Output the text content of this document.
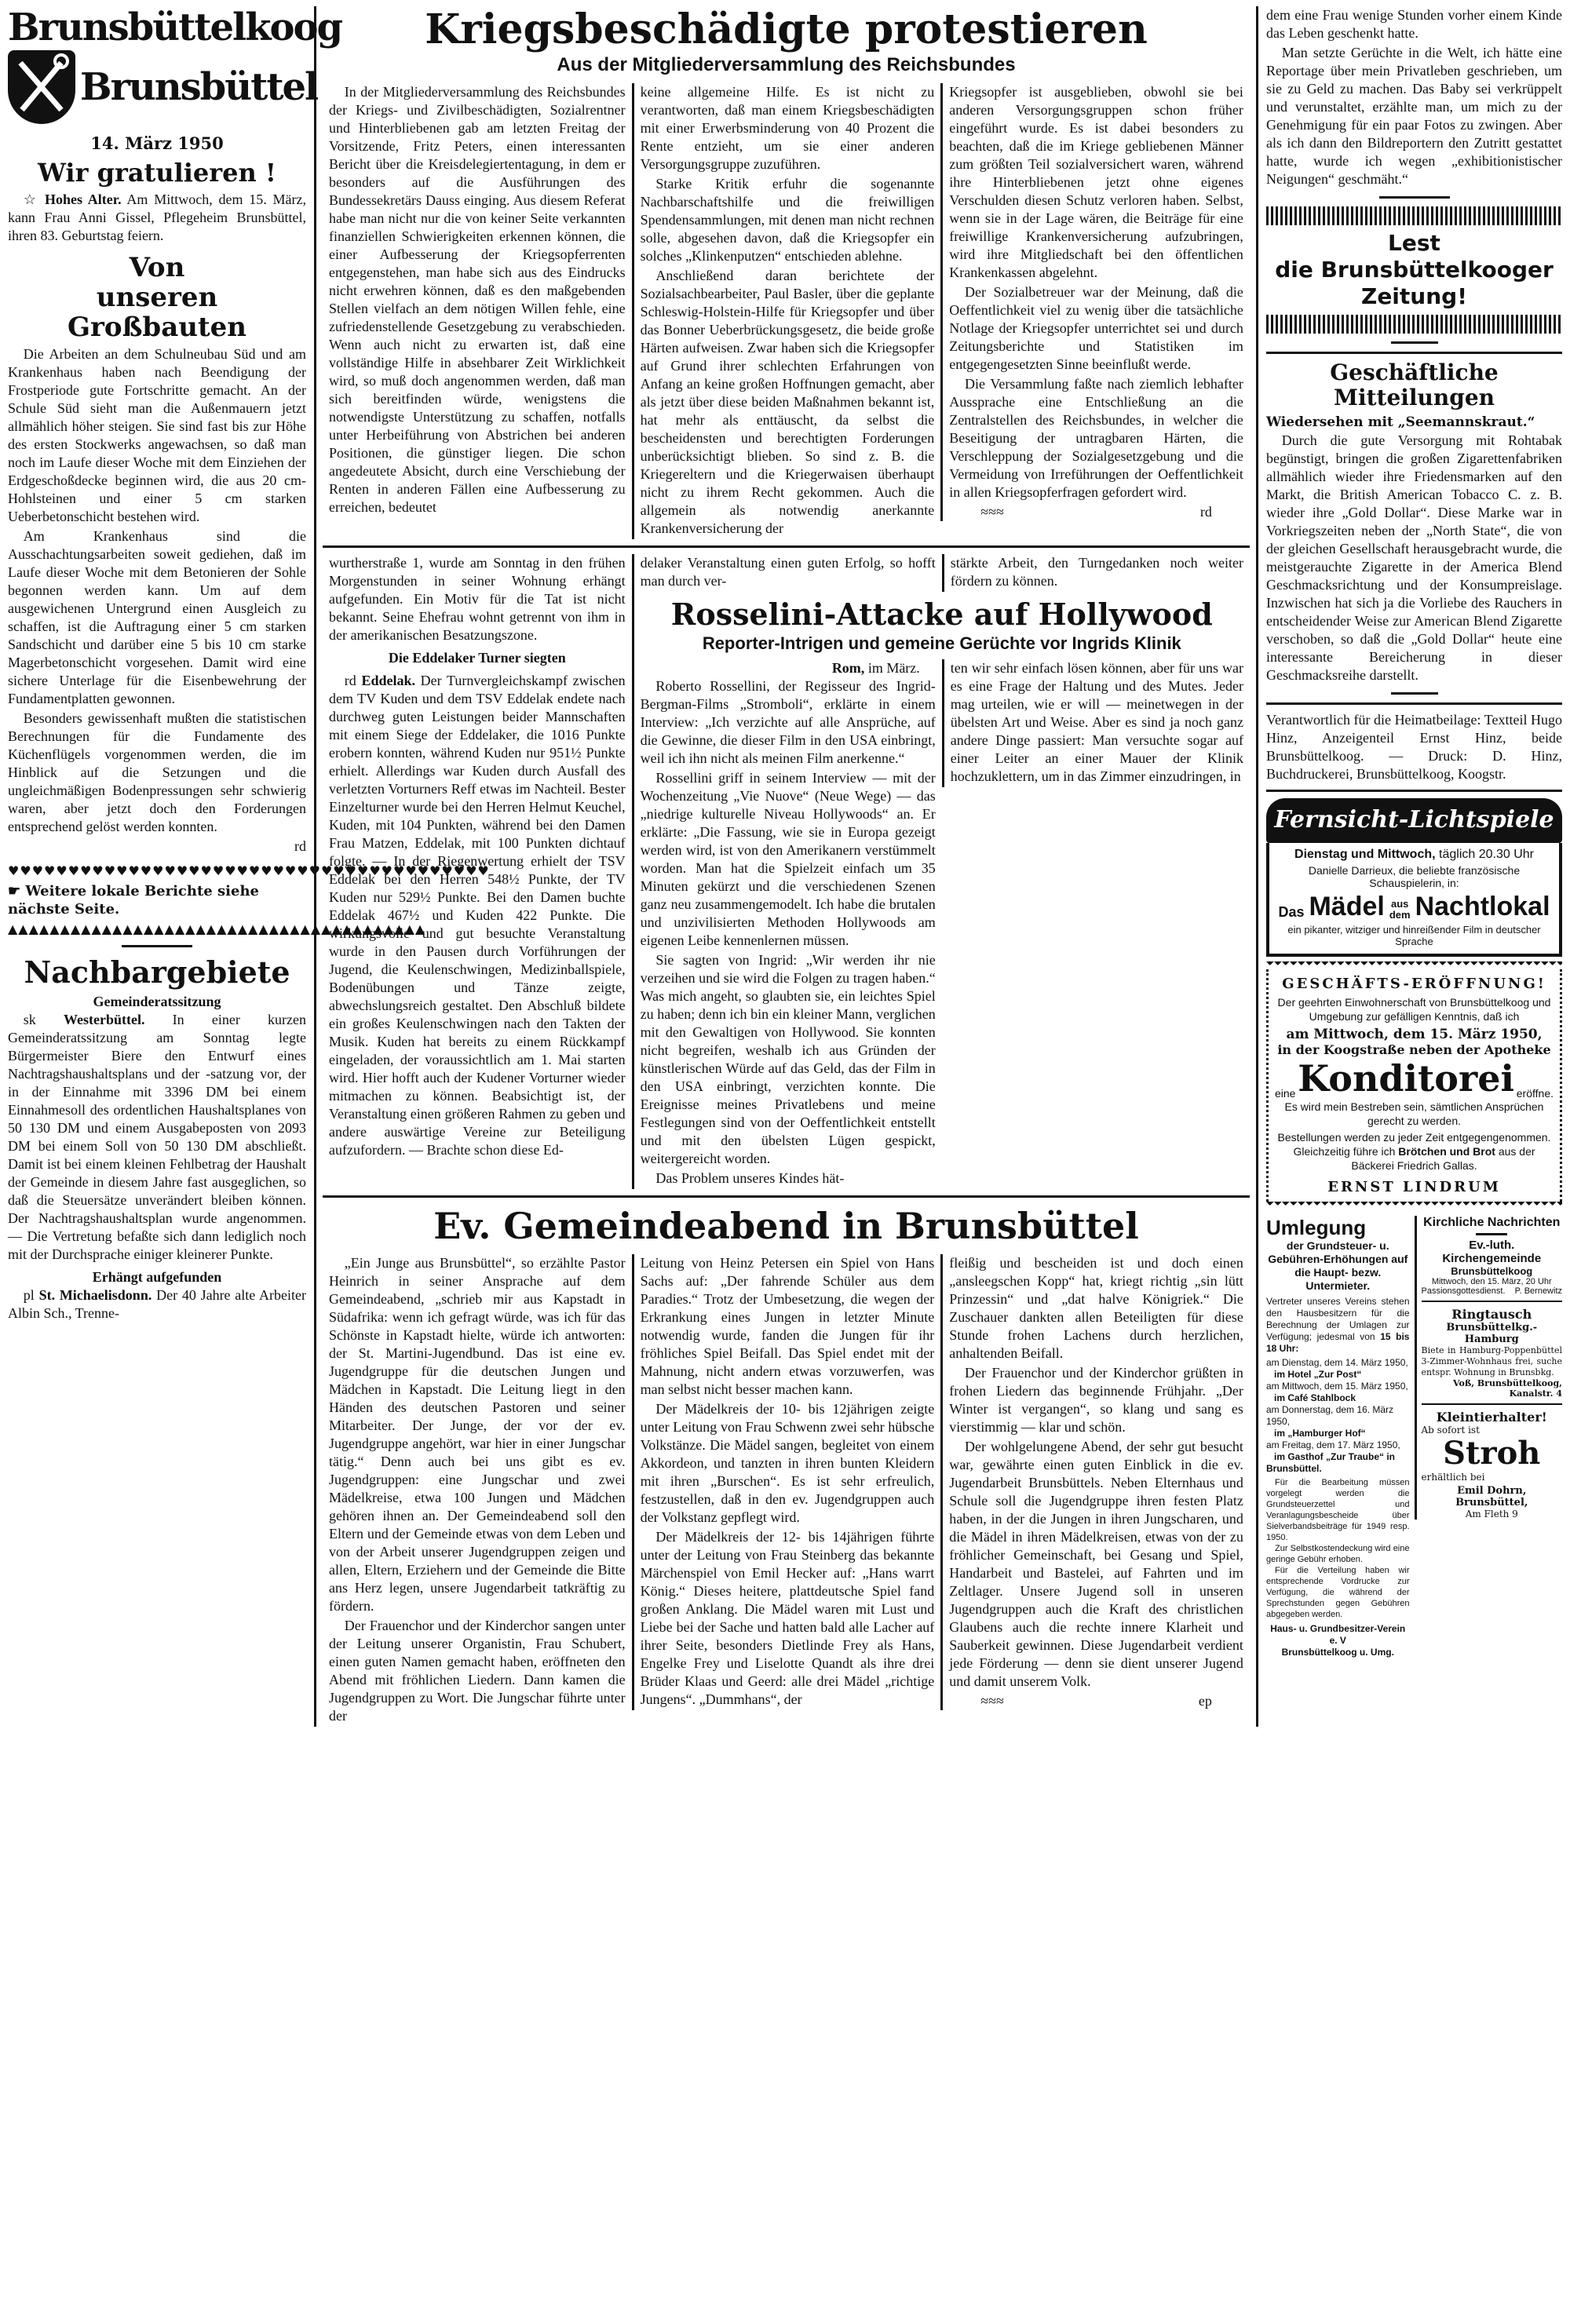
Brunsbüttelkoog
Brunsbüttel
14. März 1950
Wir gratulieren !

☆ Hohes Alter. Am Mittwoch, dem 15. März, kann Frau Anni Gissel, Pflegeheim Brunsbüttel, ihren 83. Geburtstag feiern.

Von
unseren Großbauten

Die Arbeiten an dem Schulneubau Süd und am Krankenhaus haben nach Beendigung der Frostperiode gute Fortschritte gemacht. An der Schule Süd sieht man die Außenmauern jetzt allmählich höher steigen. Sie sind fast bis zur Höhe des ersten Stockwerks angewachsen, so daß man noch im Laufe dieser Woche mit dem Einziehen der Erdgeschoßdecke beginnen wird, die aus 20 cm-Hohlsteinen und einer 5 cm starken Ueberbetonschicht bestehen wird.

Am Krankenhaus sind die Ausschachtungsarbeiten soweit gediehen, daß im Laufe dieser Woche mit dem Betonieren der Sohle begonnen werden kann. Um auf dem ausgewichenen Untergrund einen Ausgleich zu schaffen, ist die Auftragung einer 5 cm starken Sandschicht und darüber eine 5 bis 10 cm starke Magerbetonschicht vorgesehen. Damit wird eine sichere Unterlage für die Eisenbewehrung der Fundamentplatten gewonnen.

Besonders gewissenhaft mußten die statistischen Berechnungen für die Fundamente des Küchenflügels vorgenommen werden, die im Hinblick auf die Setzungen und die ungleichmäßigen Bodenpressungen sehr schwierig waren, aber jetzt doch den Forderungen entsprechend gelöst werden konnten.

rd
♥♥♥♥♥♥♥♥♥♥♥♥♥♥♥♥♥♥♥♥♥♥♥♥♥♥♥♥♥♥♥♥♥♥♥♥♥♥♥♥
☛ Weitere lokale Berichte siehe nächste Seite.
▲▲▲▲▲▲▲▲▲▲▲▲▲▲▲▲▲▲▲▲▲▲▲▲▲▲▲▲▲▲▲▲▲▲▲▲▲▲▲▲
Nachbargebiete
Gemeinderatssitzung

sk Westerbüttel. In einer kurzen Gemeinderatssitzung am Sonntag legte Bürgermeister Biere den Entwurf eines Nachtragshaushaltsplans und der -satzung vor, der in der Einnahme mit 3396 DM bei einem Einnahmesoll des ordentlichen Haushaltsplanes von 50 130 DM und einem Ausgabeposten von 2093 DM bei einem Soll von 50 130 DM abschließt. Damit ist bei einem kleinen Fehlbetrag der Haushalt der Gemeinde in diesem Jahre fast ausgeglichen, so daß die Steuersätze unverändert bleiben können. Der Nachtragshaushaltsplan wurde angenommen. — Die Vertretung befaßte sich dann lediglich noch mit der Durchsprache einiger kleinerer Punkte.

Erhängt aufgefunden

pl St. Michaelisdonn. Der 40 Jahre alte Arbeiter Albin Sch., Trenne-

Kriegsbeschädigte protestieren
Aus der Mitgliederversammlung des Reichsbundes

In der Mitgliederversammlung des Reichsbundes der Kriegs- und Zivilbeschädigten, Sozialrentner und Hinterbliebenen gab am letzten Freitag der Vorsitzende, Fritz Peters, einen interessanten Bericht über die Kreisdelegiertentagung, in dem er besonders auf die Ausführungen des Bundessekretärs Dauss einging. Aus diesem Referat habe man nicht nur die von keiner Seite verkannten finanziellen Schwierigkeiten erkennen können, die einer Aufbesserung der Kriegsopferrenten entgegenstehen, man habe sich aus des Eindrucks nicht erwehren können, daß es den maßgebenden Stellen vielfach an dem nötigen Willen fehle, eine zufriedenstellende Gesetzgebung zu verabschieden. Wenn auch nicht zu erwarten ist, daß eine vollständige Hilfe in absehbarer Zeit Wirklichkeit wird, so muß doch angenommen werden, daß man sich bereitfinden würde, wenigstens die notwendigste Unterstützung zu schaffen, notfalls unter Herbeiführung von Abstrichen bei anderen Positionen, die günstiger liegen. Die schon angedeutete Absicht, durch eine Verschiebung der Renten in anderen Fällen eine Aufbesserung zu erreichen, bedeutet

keine allgemeine Hilfe. Es ist nicht zu verantworten, daß man einem Kriegsbeschädigten mit einer Erwerbsminderung von 40 Prozent die Rente entzieht, um sie einer anderen Versorgungsgruppe zuzuführen.

Starke Kritik erfuhr die sogenannte Nachbarschaftshilfe und die freiwilligen Spendensammlungen, mit denen man nicht rechnen solle, abgesehen davon, daß die Kriegsopfer ein solches „Klinkenputzen“ entschieden ablehne.

Anschließend daran berichtete der Sozialsachbearbeiter, Paul Basler, über die geplante Schleswig-Holstein-Hilfe für Kriegsopfer und über das Bonner Ueberbrückungsgesetz, die beide große Härten aufweisen. Zwar haben sich die Kriegsopfer auf Grund ihrer schlechten Erfahrungen von Anfang an keine großen Hoffnungen gemacht, aber als jetzt über diese beiden Maßnahmen bekannt ist, hat mehr als enttäuscht, da selbst die bescheidensten und berechtigten Forderungen unberücksichtigt blieben. So sind z. B. die Kriegereltern und die Kriegerwaisen überhaupt nicht zu ihrem Recht gekommen. Auch die allgemein als notwendig anerkannte Krankenversicherung der

Kriegsopfer ist ausgeblieben, obwohl sie bei anderen Versorgungsgruppen schon früher eingeführt wurde. Es ist dabei besonders zu beachten, daß die im Kriege gebliebenen Männer zum größten Teil sozialversichert waren, während ihre Hinterbliebenen jetzt ohne eigenes Verschulden diesen Schutz verloren haben. Selbst, wenn sie in der Lage wären, die Beiträge für eine freiwillige Krankenversicherung aufzubringen, wird ihre Mitgliedschaft bei den öffentlichen Krankenkassen abgelehnt.

Der Sozialbetreuer war der Meinung, daß die Oeffentlichkeit viel zu wenig über die tatsächliche Notlage der Kriegsopfer unterrichtet sei und durch Zeitungsberichte und Statistiken im entgegengesetzten Sinne beeinflußt werde.

Die Versammlung faßte nach ziemlich lebhafter Aussprache eine Entschließung an die Zentralstellen des Reichsbundes, in welcher die Beseitigung der untragbaren Härten, die Verschleppung der Sozialgesetzgebung und die Vermeidung von Irreführungen der Oeffentlichkeit in allen Kriegsopferfragen gefordert wird.

≈≈≈	rd

wurtherstraße 1, wurde am Sonntag in den frühen Morgenstunden in seiner Wohnung erhängt aufgefunden. Ein Motiv für die Tat ist nicht bekannt. Seine Ehefrau wohnt getrennt von ihm in der amerikanischen Besatzungszone.

Die Eddelaker Turner siegten

rd Eddelak. Der Turnvergleichskampf zwischen dem TV Kuden und dem TSV Eddelak endete nach durchweg guten Leistungen beider Mannschaften mit einem Siege der Eddelaker, die 1016 Punkte erobern konnten, während Kuden nur 951½ Punkte erhielt. Allerdings war Kuden durch Ausfall des verletzten Vorturners Reff etwas im Nachteil. Bester Einzelturner wurde bei den Herren Helmut Keuchel, Kuden, mit 104 Punkten, während bei den Damen Frau Matzen, Eddelak, mit 100 Punkten dichtauf folgte. — In der Riegenwertung erhielt der TSV Eddelak bei den Herren 548½ Punkte, der TV Kuden nur 529½ Punkte. Bei den Damen buchte Eddelak 467½ und Kuden 422 Punkte. Die wirkungsvolle und gut besuchte Veranstaltung wurde in den Pausen durch Vorführungen der Jugend, die Keulenschwingen, Medizinballspiele, Bodenübungen und Tänze zeigte, abwechslungsreich gestaltet. Den Abschluß bildete ein großes Keulenschwingen nach den Takten der Musik. Kuden hat bereits zu einem Rückkampf eingeladen, der voraussichtlich am 1. Mai starten wird. Hier hofft auch der Kudener Vorturner wieder mitmachen zu können. Beabsichtigt ist, der Veranstaltung einen größeren Rahmen zu geben und andere auswärtige Vereine zur Beteiligung aufzufordern. — Brachte schon diese Ed-

delaker Veranstaltung einen guten Erfolg, so hofft man durch ver-

stärkte Arbeit, den Turngedanken noch weiter fördern zu können.

Rosselini-Attacke auf Hollywood
Reporter-Intrigen und gemeine Gerüchte vor Ingrids Klinik
Rom, im März.

Roberto Rossellini, der Regisseur des Ingrid-Bergman-Films „Stromboli“, erklärte in einem Interview: „Ich verzichte auf alle Ansprüche, auf die Gewinne, die dieser Film in den USA einbringt, weil ich ihn nicht als meinen Film anerkenne.“

Rossellini griff in seinem Interview — mit der Wochenzeitung „Vie Nuove“ (Neue Wege) — das „niedrige kulturelle Niveau Hollywoods“ an. Er erklärte: „Die Fassung, wie sie in Europa gezeigt werden wird, ist von den Amerikanern verstümmelt worden. Man hat die Spielzeit einfach um 35 Minuten gekürzt und die verschiedenen Szenen ganz neu zusammengemodelt. Ich habe die brutalen und unzivilisierten Methoden Hollywoods am eigenen Leibe kennenlernen müssen.

Sie sagten von Ingrid: „Wir werden ihr nie verzeihen und sie wird die Folgen zu tragen haben.“ Was mich angeht, so glaubten sie, ein leichtes Spiel zu haben; denn ich bin ein kleiner Mann, verglichen mit den Gewaltigen von Hollywood. Sie konnten nicht begreifen, weshalb ich aus Gründen der künstlerischen Würde auf das Geld, das der Film in den USA einbringt, verzichten konnte. Die Ereignisse meines Privatlebens und meine Festlegungen sind von der Oeffentlichkeit entstellt und mit den übelsten Lügen gespickt, weitergereicht worden.

Das Problem unseres Kindes hät-

ten wir sehr einfach lösen können, aber für uns war es eine Frage der Haltung und des Mutes. Jeder mag urteilen, wie er will — meinetwegen in der übelsten Art und Weise. Aber es sind ja noch ganz andere Dinge passiert: Man versuchte sogar auf einer Leiter an einer Mauer der Klinik hochzuklettern, um in das Zimmer einzudringen, in

Ev. Gemeindeabend in Brunsbüttel

„Ein Junge aus Brunsbüttel“, so erzählte Pastor Heinrich in seiner Ansprache auf dem Gemeindeabend, „schrieb mir aus Kapstadt in Südafrika: wenn ich gefragt würde, was ich für das Schönste in Kapstadt hielte, würde ich antworten: der St. Martini-Jugendbund. Das ist eine ev. Jugendgruppe für die deutschen Jungen und Mädchen in Kapstadt. Die Leitung liegt in den Händen des deutschen Pastoren und seiner Mitarbeiter. Der Junge, der vor der ev. Jugendgruppe angehört, war hier in einer Jungschar tätig.“ Denn auch bei uns gibt es ev. Jugendgruppen: eine Jungschar und zwei Mädelkreise, etwa 100 Jungen und Mädchen gehören ihnen an. Der Gemeindeabend soll den Eltern und der Gemeinde etwas von dem Leben und von der Arbeit unserer Jugendgruppen zeigen und allen, Eltern, Erziehern und der Gemeinde die Bitte ans Herz legen, unsere Jugendarbeit tatkräftig zu fördern.

Der Frauenchor und der Kinderchor sangen unter der Leitung unserer Organistin, Frau Schubert, einen guten Namen gemacht haben, eröffneten den Abend mit fröhlichen Liedern. Dann kamen die Jugendgruppen zu Wort. Die Jungschar führte unter der

Leitung von Heinz Petersen ein Spiel von Hans Sachs auf: „Der fahrende Schüler aus dem Paradies.“ Trotz der Umbesetzung, die wegen der Erkrankung eines Jungen in letzter Minute notwendig wurde, fanden die Jungen für ihr fröhliches Spiel Beifall. Das Spiel endet mit der Mahnung, nicht andern etwas vorzuwerfen, was man selbst nicht besser machen kann.

Der Mädelkreis der 10- bis 12jährigen zeigte unter Leitung von Frau Schwenn zwei sehr hübsche Volkstänze. Die Mädel sangen, begleitet von einem Akkordeon, und tanzten in ihren bunten Kleidern mit ihren „Burschen“. Es ist sehr erfreulich, festzustellen, daß in den ev. Jugendgruppen auch der Volkstanz gepflegt wird.

Der Mädelkreis der 12- bis 14jährigen führte unter der Leitung von Frau Steinberg das bekannte Märchenspiel von Emil Hecker auf: „Hans warrt König.“ Dieses heitere, plattdeutsche Spiel fand großen Anklang. Die Mädel waren mit Lust und Liebe bei der Sache und hatten bald alle Lacher auf ihrer Seite, besonders Dietlinde Frey als Hans, Engelke Frey und Liselotte Quandt als ihre drei Brüder Klaas und Geerd: alle drei Mädel „richtige Jungens“. „Dummhans“, der

fleißig und bescheiden ist und doch einen „ansleegschen Kopp“ hat, kriegt richtig „sin lütt Prinzessin“ und „dat halve Königriek.“ Die Zuschauer dankten allen Beteiligten für diese Stunde frohen Lachens durch herzlichen, anhaltenden Beifall.

Der Frauenchor und der Kinderchor grüßten in frohen Liedern das beginnende Frühjahr. „Der Winter ist vergangen“, so klang und sang es vierstimmig — klar und schön.

Der wohlgelungene Abend, der sehr gut besucht war, gewährte einen guten Einblick in die ev. Jugendarbeit Brunsbüttels. Neben Elternhaus und Schule soll die Jugendgruppe ihren festen Platz haben, in der die Jungen in ihren Jungscharen, und die Mädel in ihren Mädelkreisen, etwas von der zu fröhlicher Gemeinschaft, bei Gesang und Spiel, Handarbeit und Bastelei, auf Fahrten und im Zeltlager. Unsere Jugend soll in unseren Jugendgruppen auch die Kraft des christlichen Glaubens auch die rechte innere Klarheit und Sauberkeit gewinnen. Diese Jugendarbeit verdient jede Förderung — denn sie dient unserer Jugend und damit unserem Volk.

≈≈≈	ep

dem eine Frau wenige Stunden vorher einem Kinde das Leben geschenkt hatte.

Man setzte Gerüchte in die Welt, ich hätte eine Reportage über mein Privatleben geschrieben, um sie zu Geld zu machen. Das Baby sei verkrüppelt und verunstaltet, erzählte man, um mich zu der Genehmigung für ein paar Fotos zu zwingen. Aber als ich dann den Bildreportern den Zutritt gestattet hatte, wurde ich wegen „exhibitionistischer Neigungen“ geschmäht.“

Lest
die Brunsbüttelkooger
Zeitung!
Geschäftliche
Mitteilungen
Wiedersehen mit „Seemannskraut.“

Durch die gute Versorgung mit Rohtabak begünstigt, bringen die großen Zigarettenfabriken allmählich wieder ihre Friedensmarken auf den Markt, die British American Tobacco C. z. B. wieder ihre „Gold Dollar“. Diese Marke war in Vorkriegszeiten neben der „North State“, die von der gleichen Gesellschaft herausgebracht wurde, die meistgerauchte Zigarette in der America Blend Geschmacksrichtung und der Konsumpreislage. Inzwischen hat sich ja die Vorliebe des Rauchers in entscheidender Weise zur American Blend Zigarette verschoben, so daß die „Gold Dollar“ heute eine interessante Bereicherung in dieser Geschmacksreihe darstellt.

Verantwortlich für die Heimatbeilage: Textteil Hugo Hinz, Anzeigenteil Ernst Hinz, beide Brunsbüttelkoog. — Druck: D. Hinz, Buchdruckerei, Brunsbüttelkoog, Koogstr.

Fernsicht-Lichtspiele
Dienstag und Mittwoch, täglich 20.30 Uhr
Danielle Darrieux, die beliebte französische Schauspielerin, in:
Das Mädel aus
dem Nachtlokal
ein pikanter, witziger und hinreißender Film in deutscher Sprache
GESCHÄFTS-ERÖFFNUNG!
Der geehrten Einwohnerschaft von Brunsbüttelkoog und Umgebung zur gefälligen Kenntnis, daß ich
am Mittwoch, dem 15. März 1950,
in der Koogstraße neben der Apotheke
eine Konditorei eröffne.
Es wird mein Bestreben sein, sämtlichen Ansprüchen gerecht zu werden.
Bestellungen werden zu jeder Zeit entgegengenommen.
Gleichzeitig führe ich Brötchen und Brot aus der Bäckerei Friedrich Gallas.
ERNST LINDRUM
Umlegung
der Grundsteuer- u. Gebühren-Erhöhungen auf die Haupt- bezw. Untermieter.
Vertreter unseres Vereins stehen den Hausbesitzern für die Berechnung der Umlagen zur Verfügung; jedesmal von 15 bis 18 Uhr:
am Dienstag, dem 14. März 1950,
im Hotel „Zur Post“
am Mittwoch, dem 15. März 1950,
im Café Stahlbock
am Donnerstag, dem 16. März 1950,
im „Hamburger Hof“
am Freitag, dem 17. März 1950,
im Gasthof „Zur Traube“ in Brunsbüttel.

Für die Bearbeitung müssen vorgelegt werden die Grundsteuerzettel und Veranlagungsbescheide über Sielverbandsbeiträge für 1949 resp. 1950.

Zur Selbstkostendeckung wird eine geringe Gebühr erhoben.

Für die Verteilung haben wir entsprechende Vordrucke zur Verfügung, die während der Sprechstunden gegen Gebühren abgegeben werden.

Haus- u. Grundbesitzer-Verein
e. V
Brunsbüttelkoog u. Umg.
Kirchliche Nachrichten
Ev.-luth.
Kirchengemeinde
Brunsbüttelkoog
Mittwoch, den 15. März, 20 Uhr
Passionsgottesdienst. P. Bernewitz
Ringtausch
Brunsbüttelkg.-Hamburg
Biete in Hamburg-Poppenbüttel 3-Zimmer-Wohnhaus frei, suche entspr. Wohnung in Brunsbkg.
Voß, Brunsbüttelkoog,
Kanalstr. 4
Kleintierhalter!
Ab sofort ist
Stroh
erhältlich bei
Emil Dohrn, Brunsbüttel,
Am Fleth 9
